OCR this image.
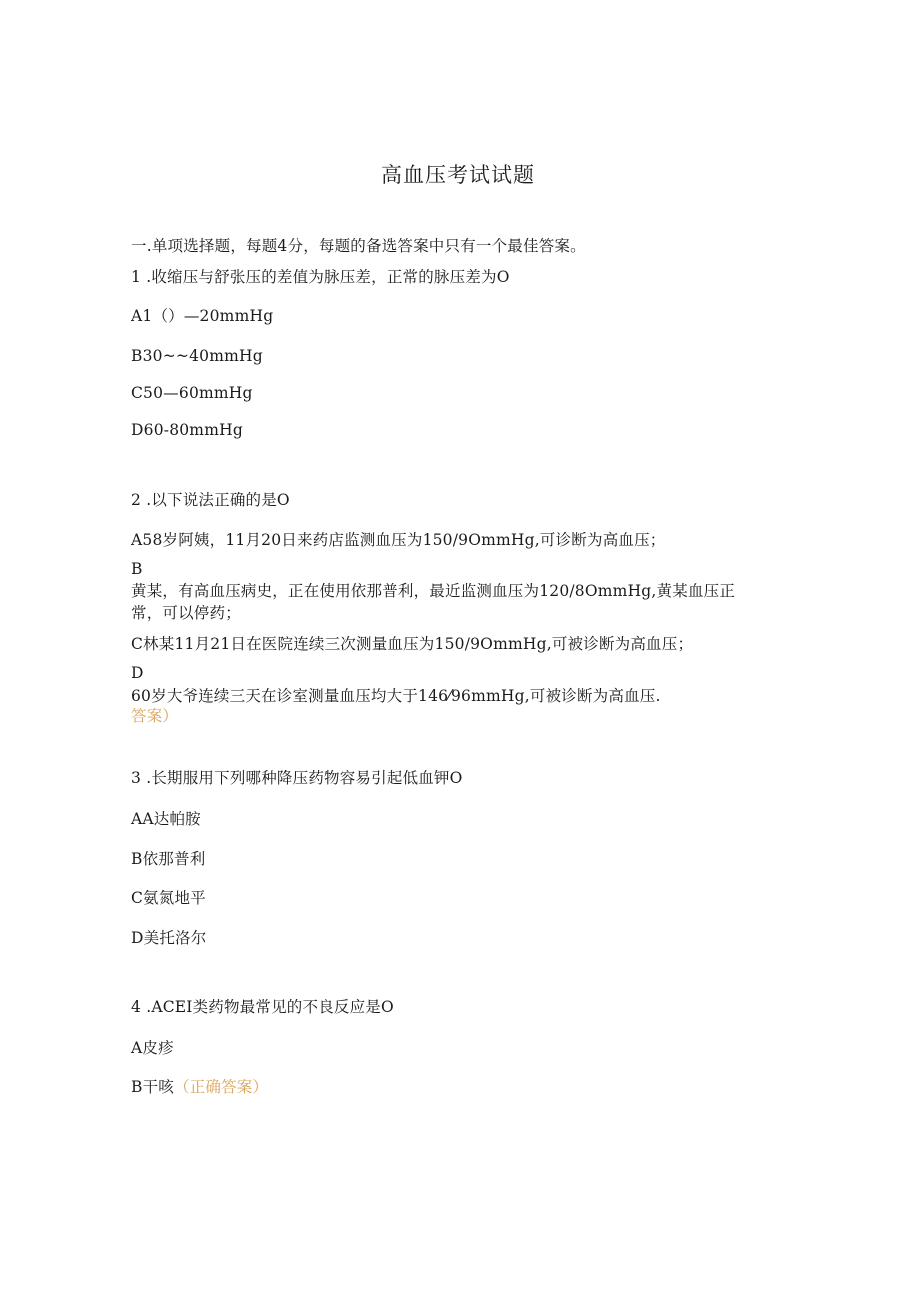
高血压考试试题
一.单项选择题，每题4分，每题的备选答案中只有一个最佳答案。
1 .收缩压与舒张压的差值为脉压差，正常的脉压差为O
A1（）—20mmHg
B30~~40mmHg
C50—60mmHg
D60-80mmHg
2 .以下说法正确的是O
A58岁阿姨，11月20日来药店监测血压为150/9OmmHg,可诊断为高血压；
B
黄某，有高血压病史，正在使用依那普利，最近监测血压为120/8OmmHg,黄某血压正
常，可以停药；
C林某11月21日在医院连续三次测量血压为150/9OmmHg,可被诊断为高血压；
D
60岁大爷连续三天在诊室测量血压均大于146⁄96mmHg,可被诊断为高血压.
答案）
3 .长期服用下列哪种降压药物容易引起低血钾O
AA达帕胺
B依那普利
C氨氮地平
D美托洛尔
4 .ACEI类药物最常见的不良反应是O
A皮疹
B干咳（正确答案）
